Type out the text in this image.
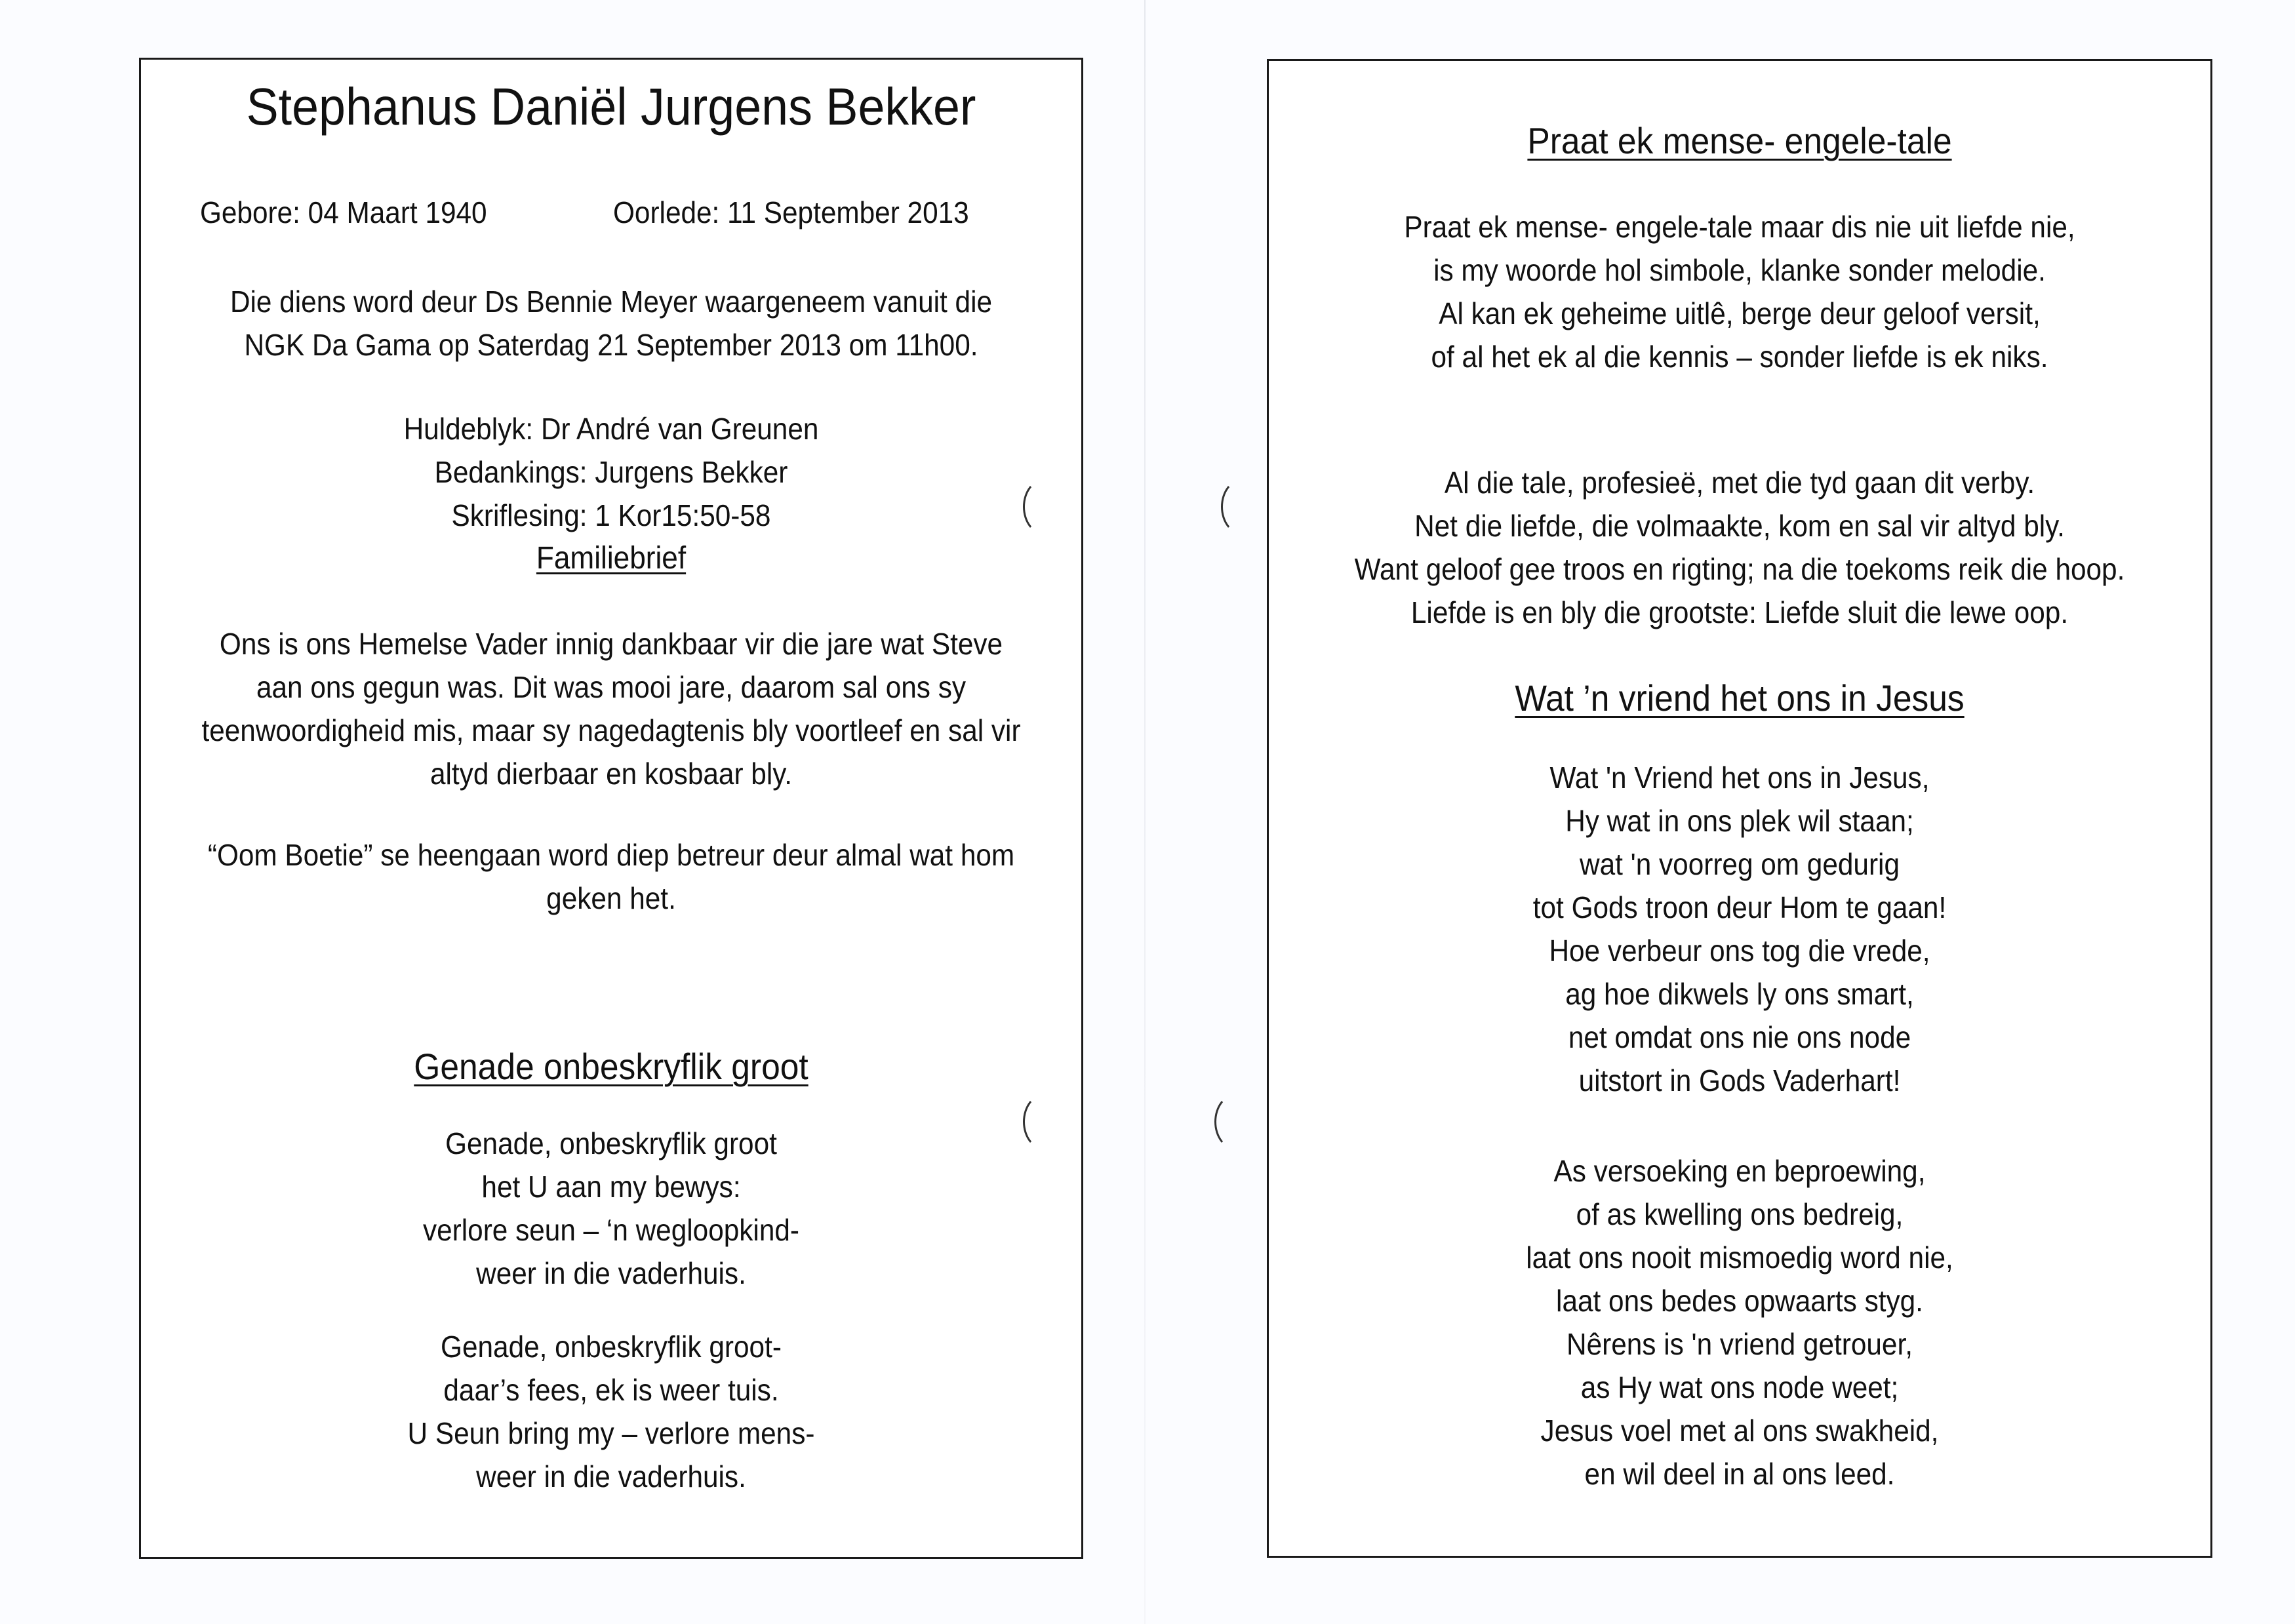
Stephanus Daniël Jurgens Bekker
Gebore: 04 Maart 1940	Oorlede: 11 September 2013
Die diens word deur Ds Bennie Meyer waargeneem vanuit die
NGK Da Gama op Saterdag 21 September 2013 om 11h00.
Huldeblyk: Dr André van Greunen
Bedankings: Jurgens Bekker
Skriflesing: 1 Kor15:50-58
Familiebrief
Ons is ons Hemelse Vader innig dankbaar vir die jare wat Steve
aan ons gegun was. Dit was mooi jare, daarom sal ons sy
teenwoordigheid mis, maar sy nagedagtenis bly voortleef en sal vir
altyd dierbaar en kosbaar bly.
“Oom Boetie” se heengaan word diep betreur deur almal wat hom
geken het.
Genade onbeskryflik groot
Genade, onbeskryflik groot
het U aan my bewys:
verlore seun – ‘n wegloopkind-
weer in die vaderhuis.
Genade, onbeskryflik groot-
daar’s fees, ek is weer tuis.
U Seun bring my – verlore mens-
weer in die vaderhuis.
Praat ek mense- engele-tale
Praat ek mense- engele-tale maar dis nie uit liefde nie,
is my woorde hol simbole, klanke sonder melodie.
Al kan ek geheime uitlê, berge deur geloof versit,
of al het ek al die kennis – sonder liefde is ek niks.
Al die tale, profesieë, met die tyd gaan dit verby.
Net die liefde, die volmaakte, kom en sal vir altyd bly.
Want geloof gee troos en rigting; na die toekoms reik die hoop.
Liefde is en bly die grootste: Liefde sluit die lewe oop.
Wat ’n vriend het ons in Jesus
Wat 'n Vriend het ons in Jesus,
Hy wat in ons plek wil staan;
wat 'n voorreg om gedurig
tot Gods troon deur Hom te gaan!
Hoe verbeur ons tog die vrede,
ag hoe dikwels ly ons smart,
net omdat ons nie ons node
uitstort in Gods Vaderhart!
As versoeking en beproewing,
of as kwelling ons bedreig,
laat ons nooit mismoedig word nie,
laat ons bedes opwaarts styg.
Nêrens is 'n vriend getrouer,
as Hy wat ons node weet;
Jesus voel met al ons swakheid,
en wil deel in al ons leed.
